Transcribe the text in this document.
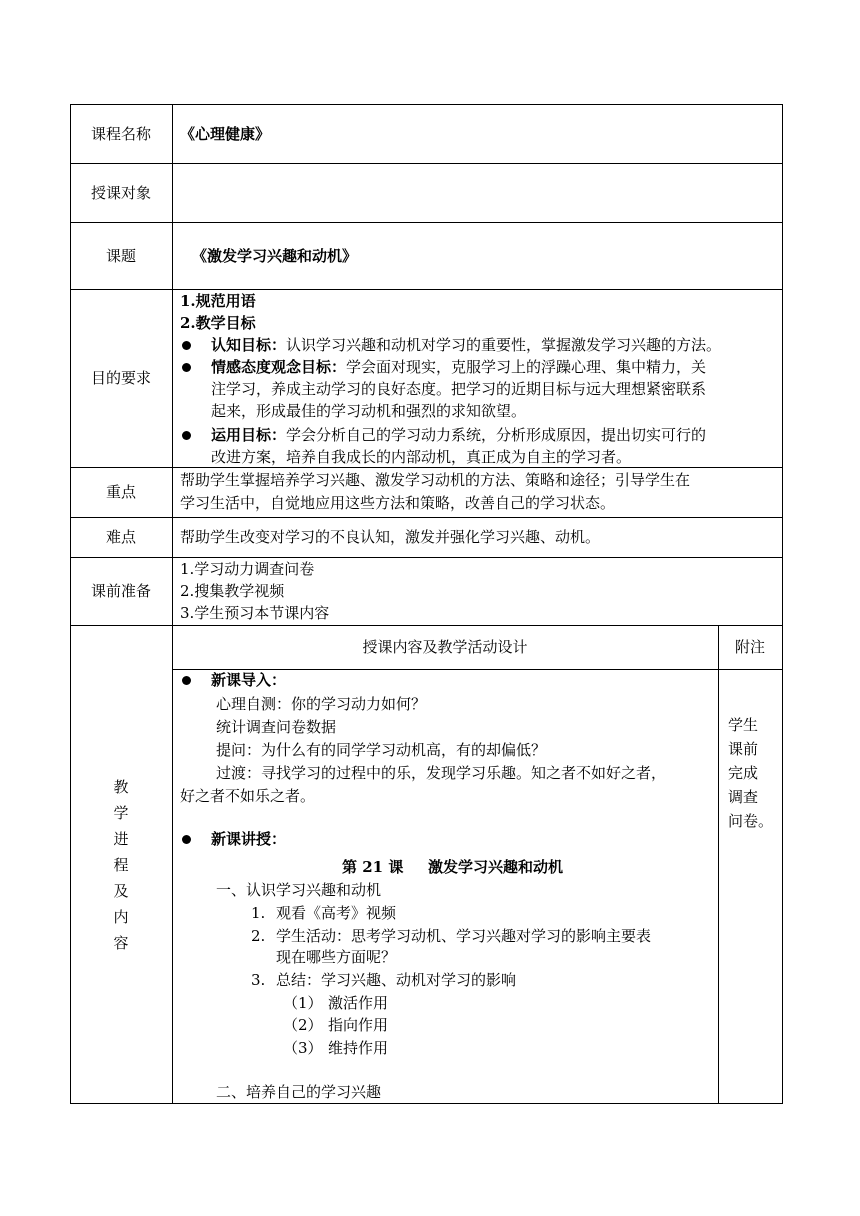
课程名称
授课对象
课题
目的要求
重点
难点
课前准备
教
学
进
程
及
内
容
《心理健康》
《激发学习兴趣和动机》
1.规范用语
2.教学目标
认知目标：认识学习兴趣和动机对学习的重要性，掌握激发学习兴趣的方法。
情感态度观念目标：学会面对现实，克服学习上的浮躁心理、集中精力，关
注学习，养成主动学习的良好态度。把学习的近期目标与远大理想紧密联系
起来，形成最佳的学习动机和强烈的求知欲望。
运用目标：学会分析自己的学习动力系统，分析形成原因，提出切实可行的
改进方案，培养自我成长的内部动机，真正成为自主的学习者。
帮助学生掌握培养学习兴趣、激发学习动机的方法、策略和途径；引导学生在
学习生活中，自觉地应用这些方法和策略，改善自己的学习状态。
帮助学生改变对学习的不良认知，激发并强化学习兴趣、动机。
1.学习动力调查问卷
2.搜集教学视频
3.学生预习本节课内容
授课内容及教学活动设计	附注
学生
课前
完成
调查
问卷。
新课导入：
心理自测：你的学习动力如何？
统计调查问卷数据
提问：为什么有的同学学习动机高，有的却偏低？
过渡：寻找学习的过程中的乐，发现学习乐趣。知之者不如好之者，
好之者不如乐之者。
新课讲授：
第 21 课 激发学习兴趣和动机
一、认识学习兴趣和动机
1. 观看《高考》视频
2. 学生活动：思考学习动机、学习兴趣对学习的影响主要表
现在哪些方面呢？
3. 总结：学习兴趣、动机对学习的影响
（1） 激活作用
（2） 指向作用
（3） 维持作用
二、培养自己的学习兴趣
